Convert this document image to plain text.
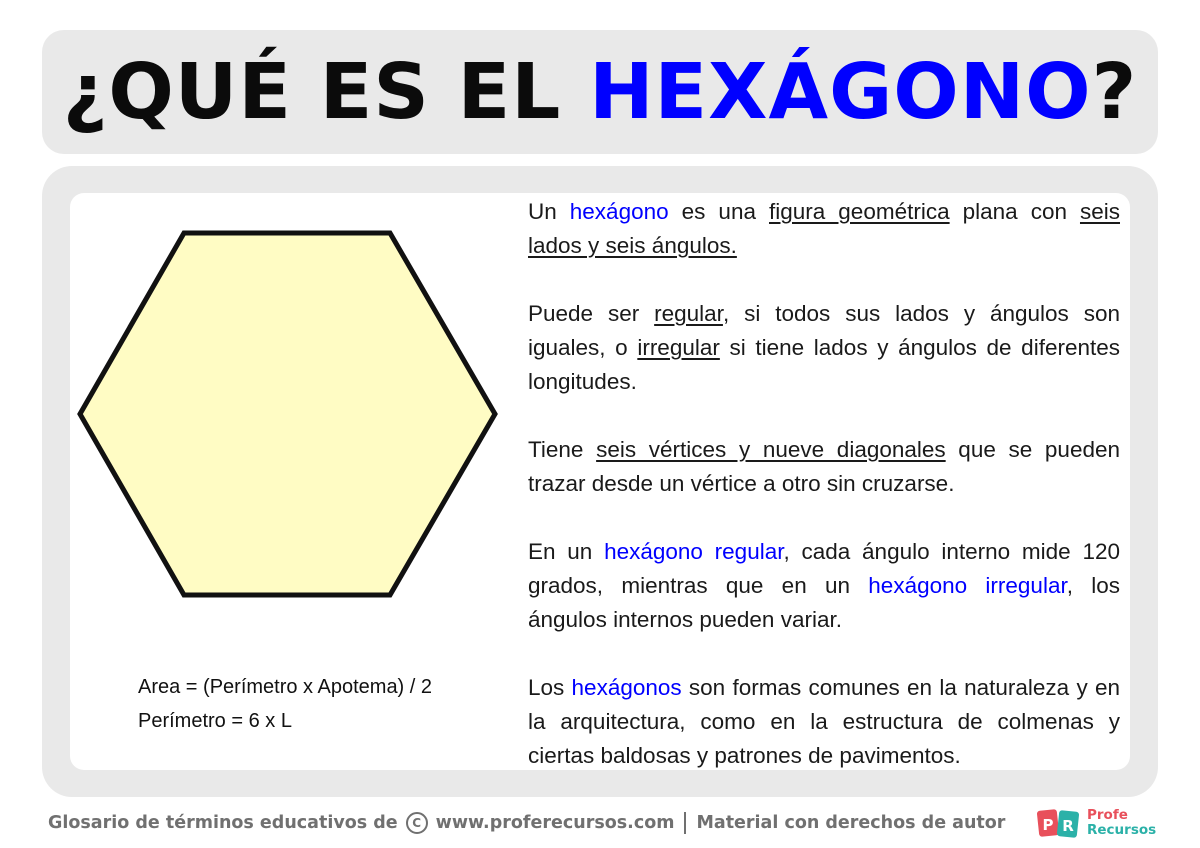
¿QUÉ ES EL HEXÁGONO?
Area = (Perímetro x Apotema) / 2
Perímetro = 6 x L

Un hexágono es una figura geométrica plana con seis lados y seis ángulos.

Puede ser regular, si todos sus lados y ángulos son iguales, o irregular si tiene lados y ángulos de diferentes longitudes.

Tiene seis vértices y nueve diagonales que se pueden trazar desde un vértice a otro sin cruzarse.

En un hexágono regular, cada ángulo interno mide 120 grados, mientras que en un hexágono irregular, los ángulos internos pueden variar.

Los hexágonos son formas comunes en la naturaleza y en la arquitectura, como en la estructura de colmenas y ciertas baldosas y patrones de pavimentos.

Glosario de términos educativos de	C www.proferecursos.com Material con derechos de autor P R
Profe
Recursos
